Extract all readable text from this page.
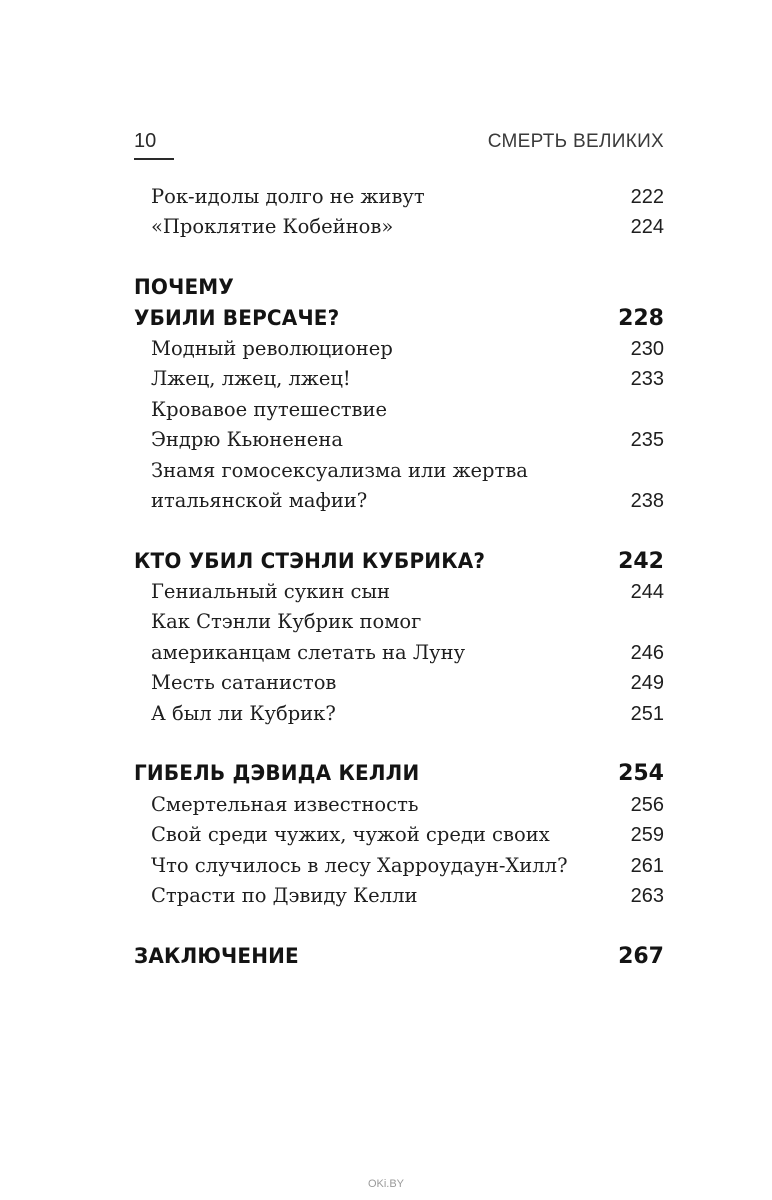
10	СМЕРТЬ ВЕЛИКИХ
Рок-идолы долго не живут	222
«Проклятие Кобейнов»	224
ПОЧЕМУ
УБИЛИ ВЕРСАЧЕ?	228
Модный революционер	230
Лжец, лжец, лжец!	233
Кровавое путешествие
Эндрю Кьюненена	235
Знамя гомосексуализма или жертва
итальянской мафии?	238
КТО УБИЛ СТЭНЛИ КУБРИКА?	242
Гениальный сукин сын	244
Как Стэнли Кубрик помог
американцам слетать на Луну	246
Месть сатанистов	249
А был ли Кубрик?	251
ГИБЕЛЬ ДЭВИДА КЕЛЛИ	254
Смертельная известность	256
Свой среди чужих, чужой среди своих	259
Что случилось в лесу Харроудаун-Хилл?	261
Страсти по Дэвиду Келли	263
ЗАКЛЮЧЕНИЕ	267
OKi.BY
